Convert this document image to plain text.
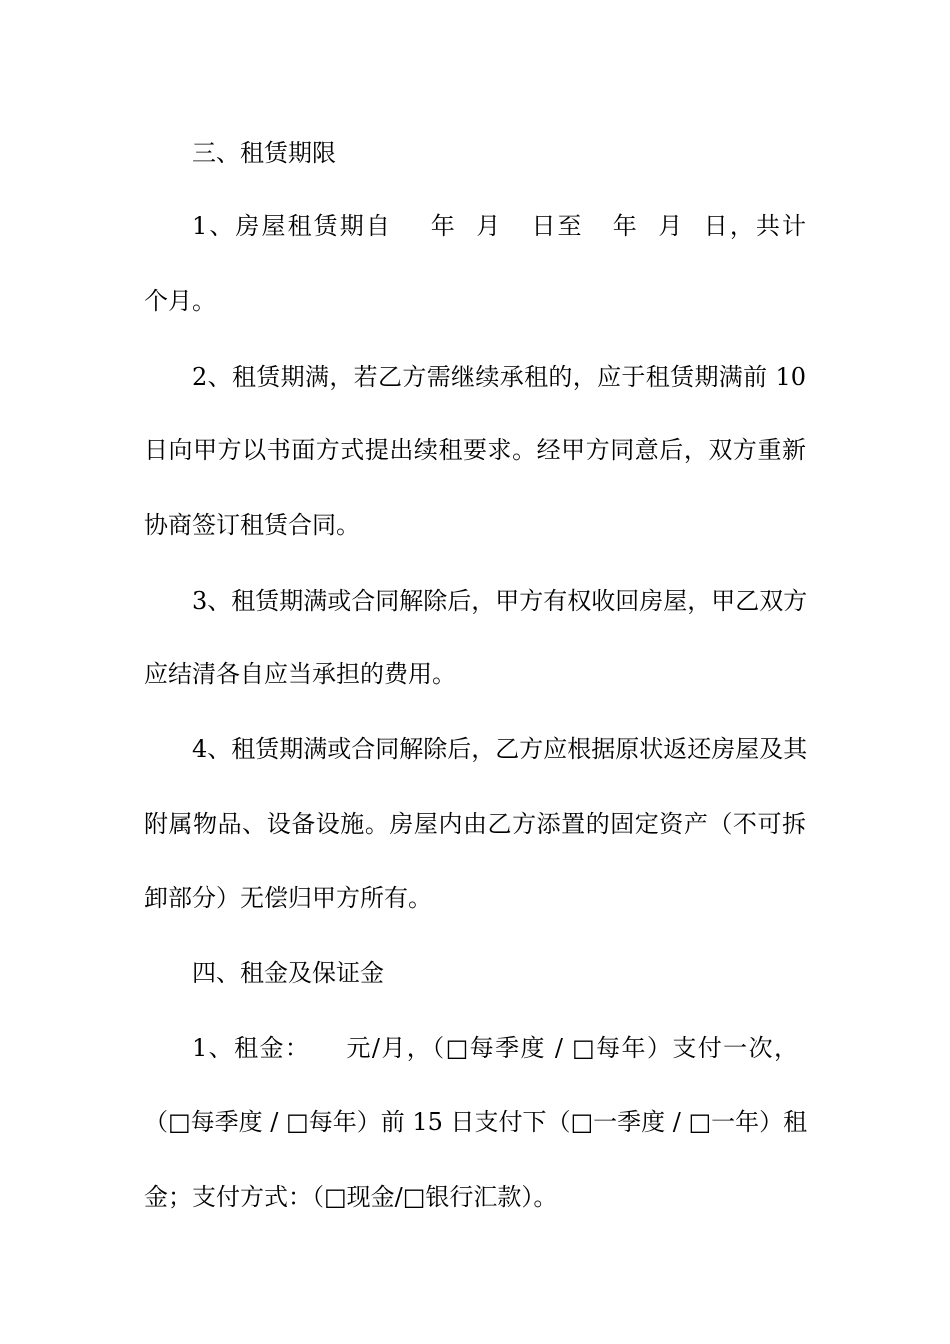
三、租赁期限
1、房屋租赁期自    年  月   日至   年  月  日，共计
个月。
2、租赁期满，若乙方需继续承租的，应于租赁期满前 10
日向甲方以书面方式提出续租要求。经甲方同意后，双方重新
协商签订租赁合同。
3、租赁期满或合同解除后，甲方有权收回房屋，甲乙双方
应结清各自应当承担的费用。
4、租赁期满或合同解除后，乙方应根据原状返还房屋及其
附属物品、设备设施。房屋内由乙方添置的固定资产（不可拆
卸部分）无偿归甲方所有。
四、租金及保证金
1、租金：    元/月，（□每季度 / □每年）支付一次，
（□每季度 / □每年）前 15 日支付下（□一季度 / □一年）租
金；支付方式：（□现金/□银行汇款）。
